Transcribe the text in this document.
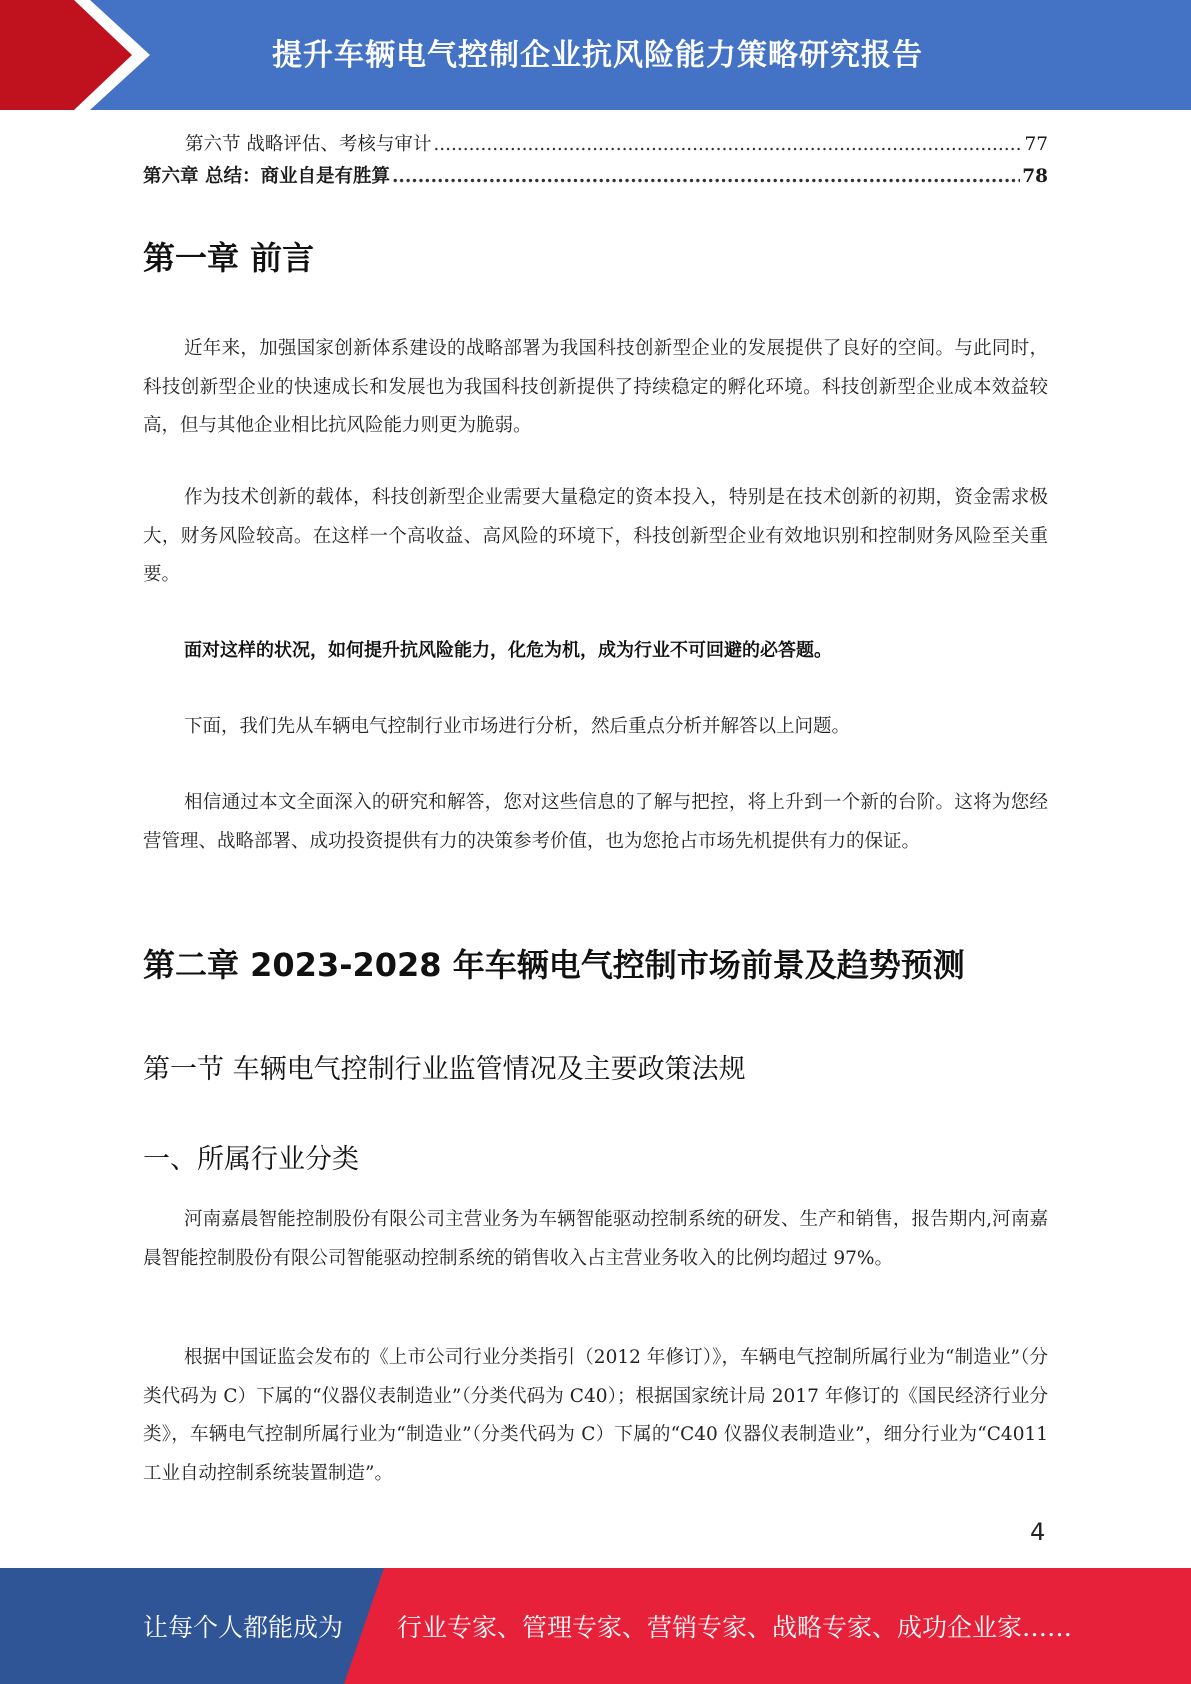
提升车辆电气控制企业抗风险能力策略研究报告
第六节 战略评估、考核与审计 .....	77
第六章 总结：商业自是有胜算 .....	78
第一章 前言

近年来，加强国家创新体系建设的战略部署为我国科技创新型企业的发展提供了良好的空间。与此同时，科技创新型企业的快速成长和发展也为我国科技创新提供了持续稳定的孵化环境。科技创新型企业成本效益较高，但与其他企业相比抗风险能力则更为脆弱。

作为技术创新的载体，科技创新型企业需要大量稳定的资本投入，特别是在技术创新的初期，资金需求极大，财务风险较高。在这样一个高收益、高风险的环境下，科技创新型企业有效地识别和控制财务风险至关重要。

面对这样的状况，如何提升抗风险能力，化危为机，成为行业不可回避的必答题。

下面，我们先从车辆电气控制行业市场进行分析，然后重点分析并解答以上问题。

相信通过本文全面深入的研究和解答，您对这些信息的了解与把控，将上升到一个新的台阶。这将为您经营管理、战略部署、成功投资提供有力的决策参考价值，也为您抢占市场先机提供有力的保证。

第二章 2023-2028 年车辆电气控制市场前景及趋势预测
第一节 车辆电气控制行业监管情况及主要政策法规
一、所属行业分类

河南嘉晨智能控制股份有限公司主营业务为车辆智能驱动控制系统的研发、生产和销售，报告期内,河南嘉晨智能控制股份有限公司智能驱动控制系统的销售收入占主营业务收入的比例均超过 97%。

根据中国证监会发布的《上市公司行业分类指引（2012 年修订）》，车辆电气控制所属行业为“制造业”（分类代码为 C）下属的“仪器仪表制造业”（分类代码为 C40）；根据国家统计局 2017 年修订的《国民经济行业分类》，车辆电气控制所属行业为“制造业”（分类代码为 C）下属的“C40 仪器仪表制造业”，细分行业为“C4011 工业自动控制系统装置制造”。

4
让每个人都能成为 行业专家、管理专家、营销专家、战略专家、成功企业家……
